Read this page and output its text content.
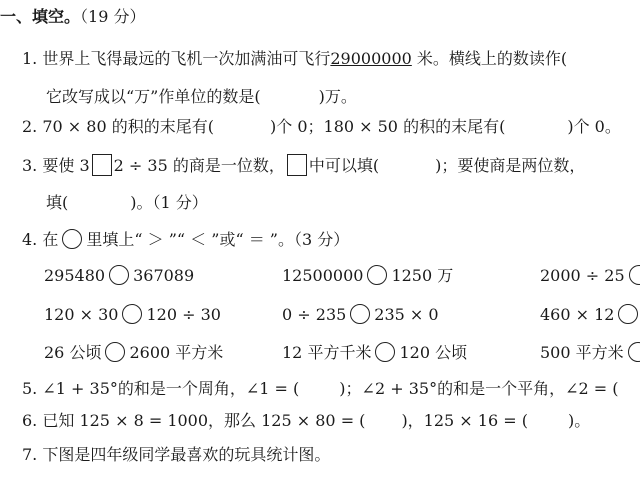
一、填空。（19 分）
1. 世界上飞得最远的飞机一次加满油可飞行29000000 米。横线上的数读作(
它改写成以“万”作单位的数是(	)万。
2. 70 × 80 的积的末尾有(	)个 0；180 × 50 的积的末尾有(	)个 0。
3. 要使 3 2 ÷ 35 的商是一位数， 中可以填(	)；要使商是两位数，
填(	)。（1 分）
4. 在 里填上“ ＞ ”“ ＜ ”或“ ＝ ”。（3 分）
295480 367089	12500000 1250 万	2000 ÷ 25
120 × 30 120 ÷ 30	0 ÷ 235 235 × 0	460 × 12
26 公顷 2600 平方米	12 平方千米 120 公顷	500 平方米
5. ∠1 + 35°的和是一个周角，∠1 = (	)；∠2 + 35°的和是一个平角，∠2 = (
6. 已知 125 × 8 = 1000，那么 125 × 80 = ( )，125 × 16 = (	)。
7. 下图是四年级同学最喜欢的玩具统计图。
